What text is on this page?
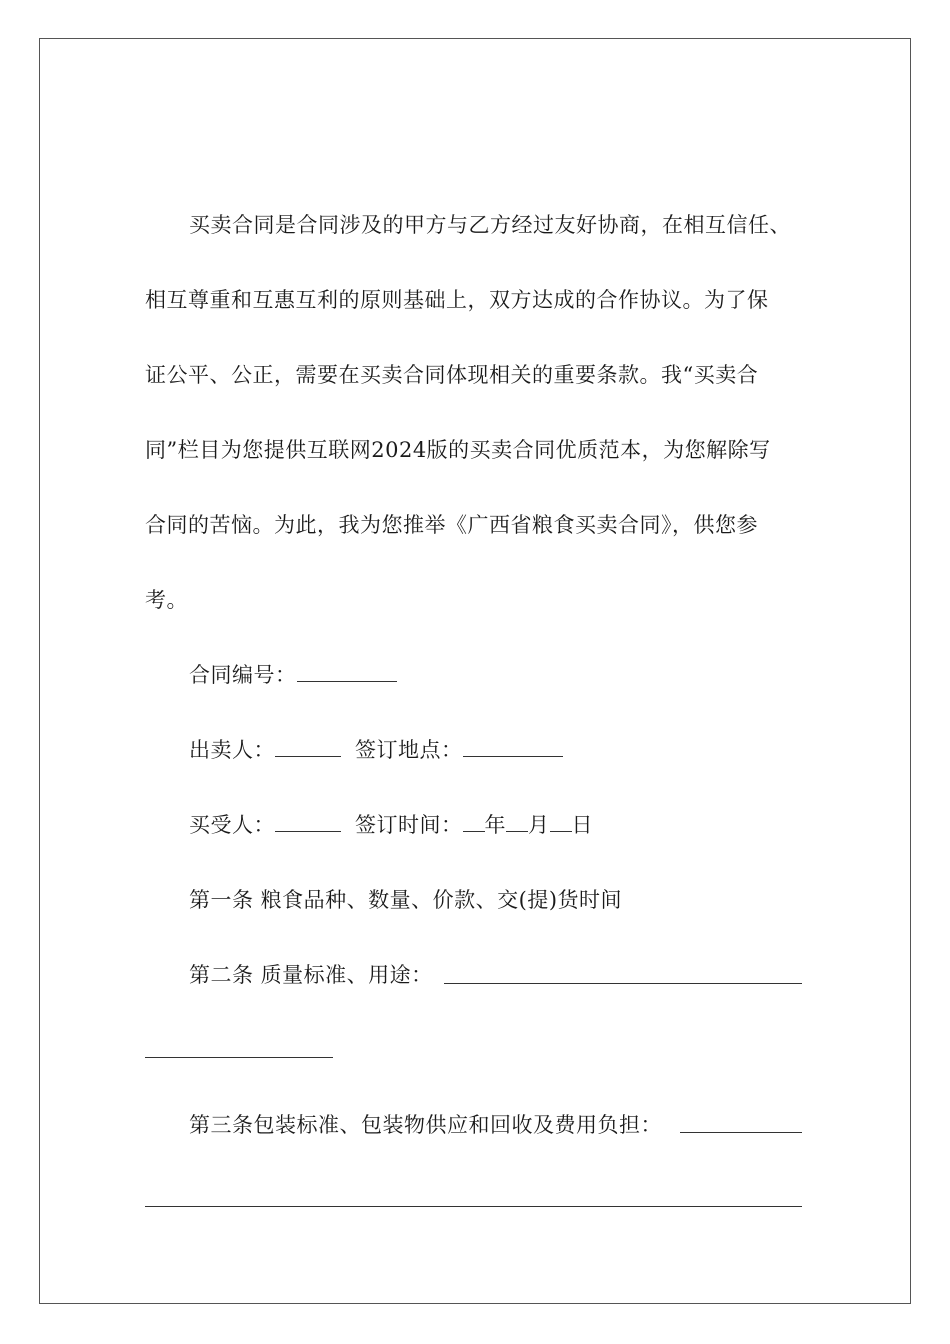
买卖合同是合同涉及的甲方与乙方经过友好协商，在相互信任、
相互尊重和互惠互利的原则基础上，双方达成的合作协议。为了保
证公平、公正，需要在买卖合同体现相关的重要条款。我“买卖合
同”栏目为您提供互联网2024版的买卖合同优质范本，为您解除写
合同的苦恼。为此，我为您推举《广西省粮食买卖合同》，供您参
考。
合同编号：
出卖人：	签订地点：
买受人：	签订时间： 年 月 日
第一条 粮食品种、数量、价款、交(提)货时间
第二条 质量标准、用途：
第三条包装标准、包装物供应和回收及费用负担：
